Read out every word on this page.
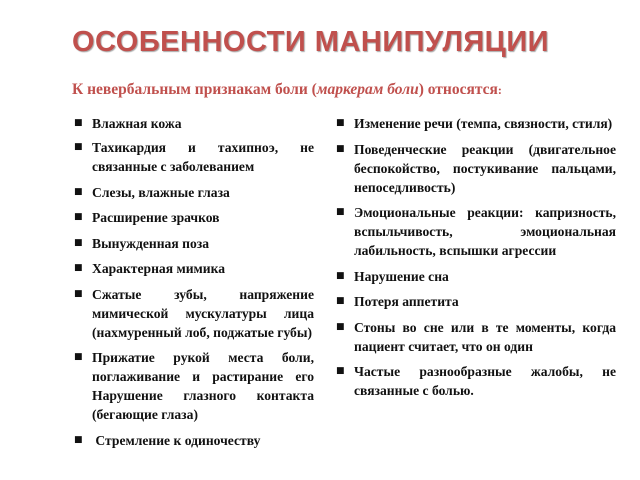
ОСОБЕННОСТИ МАНИПУЛЯЦИИ
К невербальным признакам боли (маркерам боли) относятся:
■ Влажная кожа
■ Тахикардия и тахипноэ, не связанные с заболеванием
■ Слезы, влажные глаза
■ Расширение зрачков
■ Вынужденная поза
■ Характерная мимика
■ Сжатые зубы, напряжение мимической мускулатуры лица (нахмуренный лоб, поджатые губы)
■ Прижатие рукой места боли, поглаживание и растирание его Нарушение глазного контакта (бегающие глаза)
■ Стремление к одиночеству
■ Изменение речи (темпа, связности, стиля)
■ Поведенческие реакции (двигательное беспокойство, постукивание пальцами, непоседливость)
■ Эмоциональные реакции: капризность, вспыльчивость, эмоциональная лабильность, вспышки агрессии
■ Нарушение сна
■ Потеря аппетита
■ Стоны во сне или в те моменты, когда пациент считает, что он один
■ Частые разнообразные жалобы, не связанные с болью.
